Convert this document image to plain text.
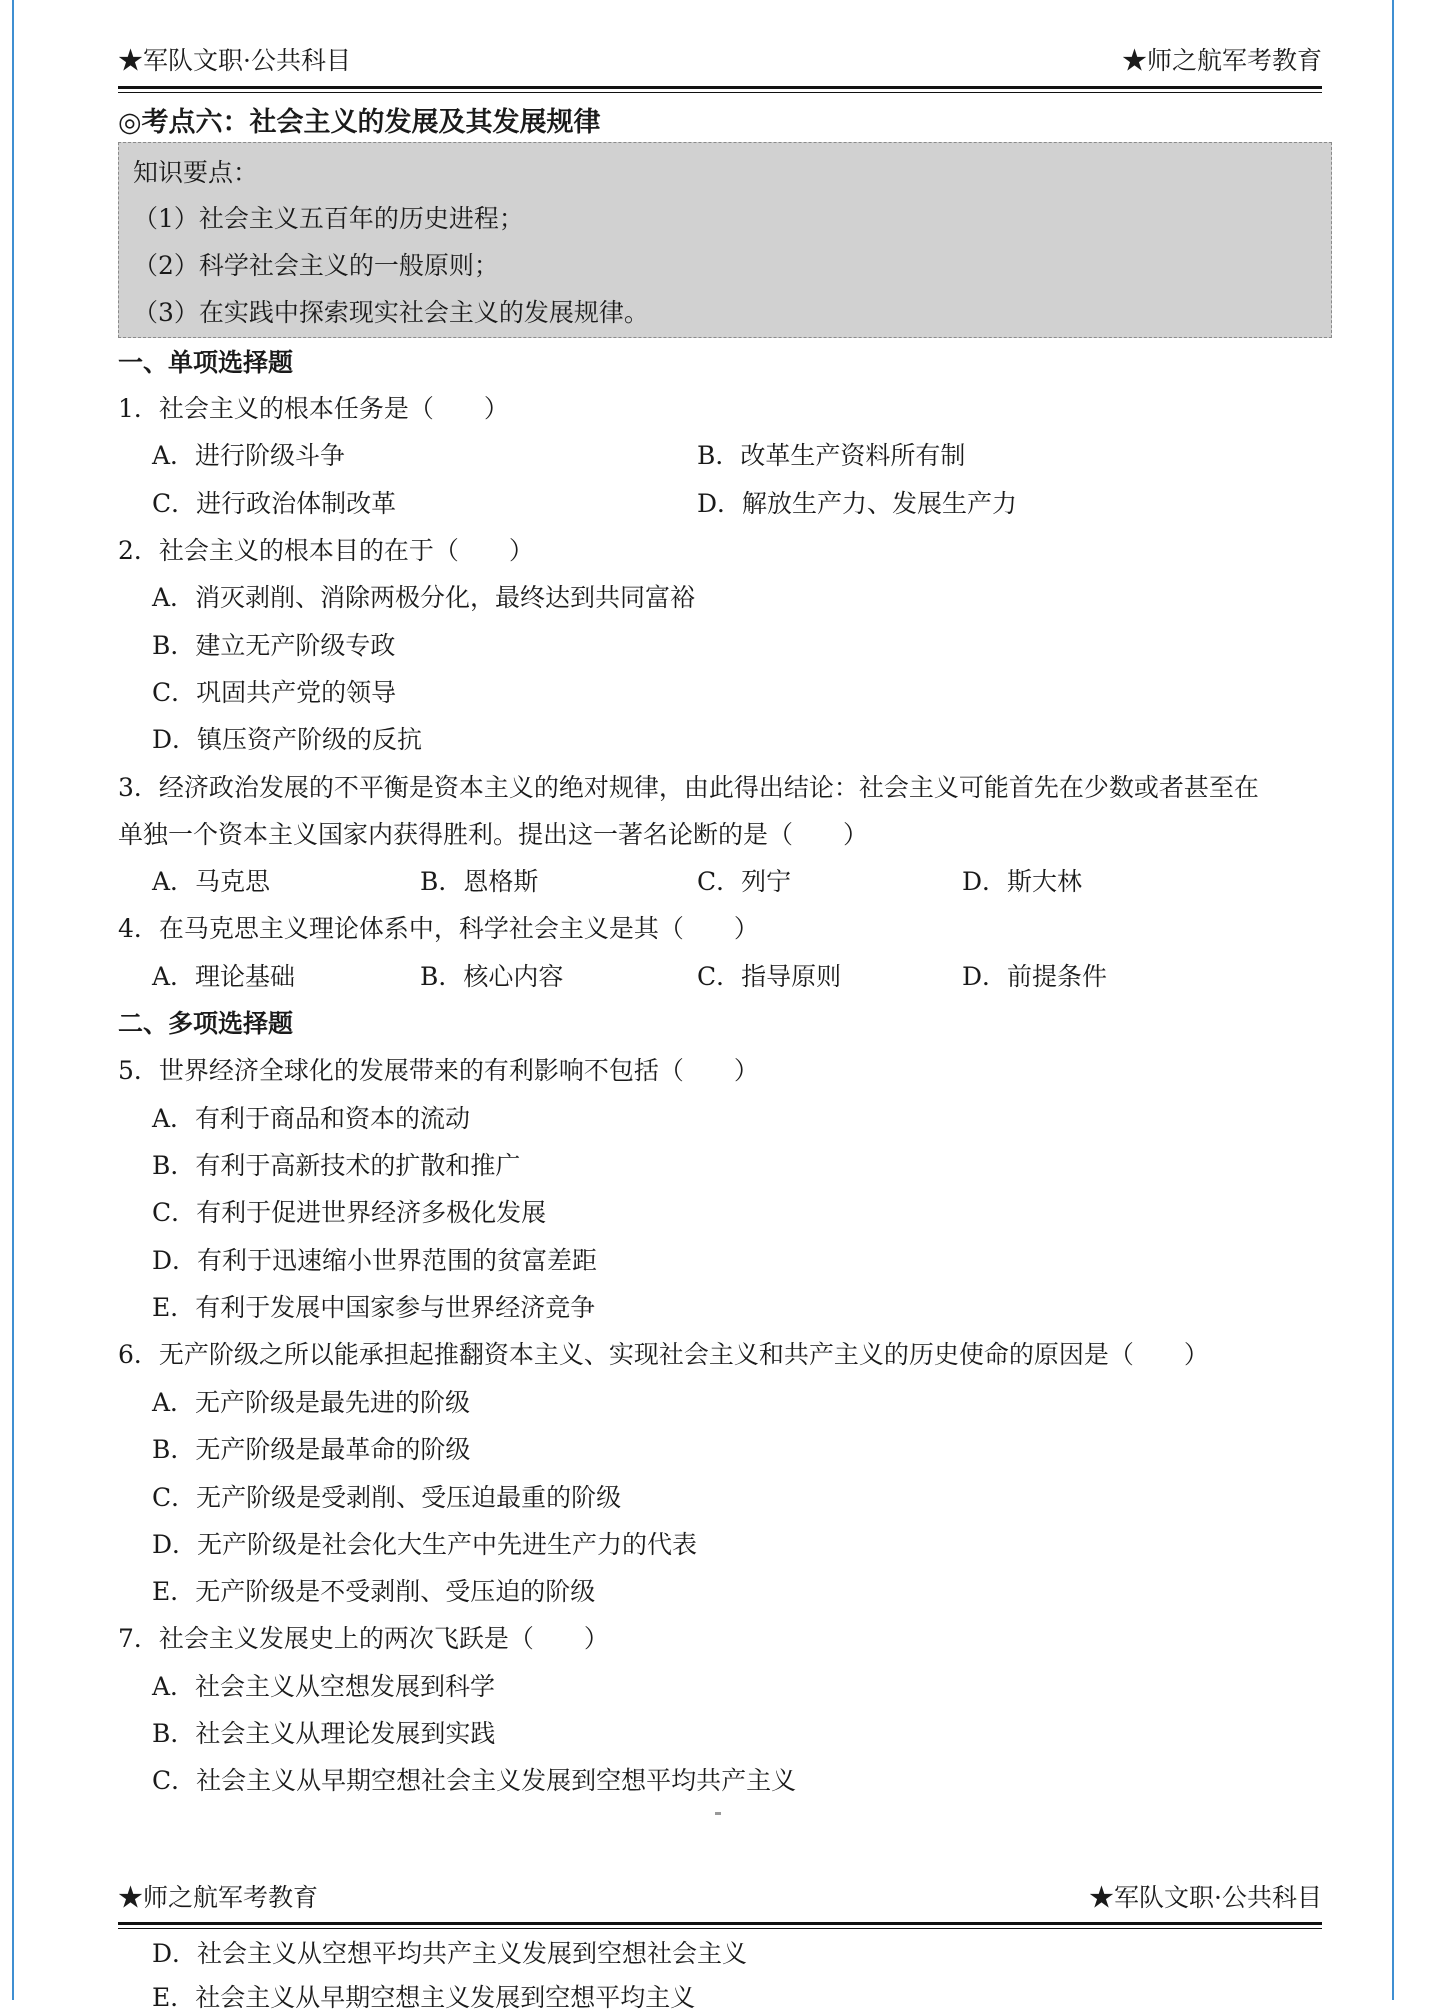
★军队文职·公共科目	★师之航军考教育
◎考点六：社会主义的发展及其发展规律
知识要点：
（1）社会主义五百年的历史进程；
（2）科学社会主义的一般原则；
（3）在实践中探索现实社会主义的发展规律。
一、单项选择题
1．社会主义的根本任务是（　　）
A．进行阶级斗争	B．改革生产资料所有制
C．进行政治体制改革	D．解放生产力、发展生产力
2．社会主义的根本目的在于（　　）
A．消灭剥削、消除两极分化，最终达到共同富裕
B．建立无产阶级专政
C．巩固共产党的领导
D．镇压资产阶级的反抗
3．经济政治发展的不平衡是资本主义的绝对规律，由此得出结论：社会主义可能首先在少数或者甚至在
单独一个资本主义国家内获得胜利。提出这一著名论断的是（　　）
A．马克思	B．恩格斯	C．列宁	D．斯大林
4．在马克思主义理论体系中，科学社会主义是其（　　）
A．理论基础	B．核心内容	C．指导原则	D．前提条件
二、多项选择题
5．世界经济全球化的发展带来的有利影响不包括（　　）
A．有利于商品和资本的流动
B．有利于高新技术的扩散和推广
C．有利于促进世界经济多极化发展
D．有利于迅速缩小世界范围的贫富差距
E．有利于发展中国家参与世界经济竞争
6．无产阶级之所以能承担起推翻资本主义、实现社会主义和共产主义的历史使命的原因是（　　）
A．无产阶级是最先进的阶级
B．无产阶级是最革命的阶级
C．无产阶级是受剥削、受压迫最重的阶级
D．无产阶级是社会化大生产中先进生产力的代表
E．无产阶级是不受剥削、受压迫的阶级
7．社会主义发展史上的两次飞跃是（　　）
A．社会主义从空想发展到科学
B．社会主义从理论发展到实践
C．社会主义从早期空想社会主义发展到空想平均共产主义
★师之航军考教育	★军队文职·公共科目
D．社会主义从空想平均共产主义发展到空想社会主义
E．社会主义从早期空想主义发展到空想平均主义
